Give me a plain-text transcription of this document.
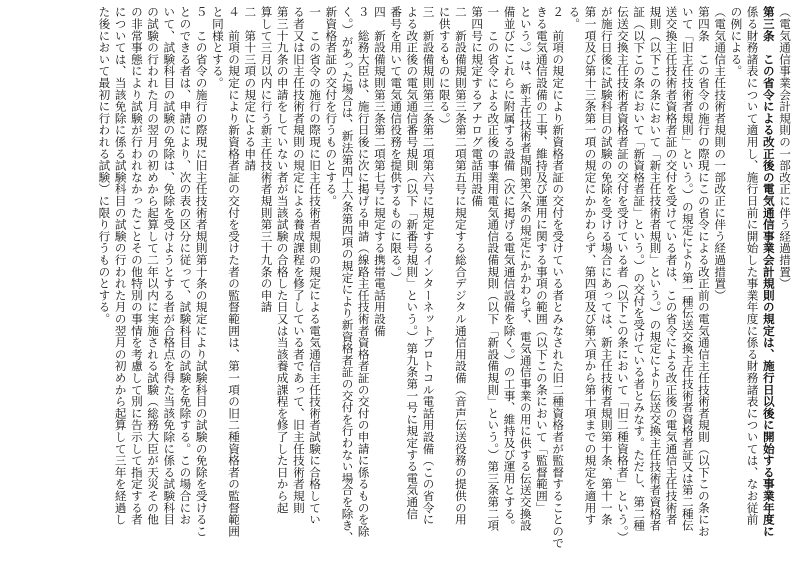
（電気通信事業会計規則の一部改正に伴う経過措置）
第三条　この省令による改正後の電気通信事業会計規則の規定は、施行日以後に開始する事業年度に
係る財務諸表について適用し、施行日前に開始した事業年度に係る財務諸表については、なお従前
の例による。
（電気通信主任技術者規則の一部改正に伴う経過措置）
第四条　この省令の施行の際現にこの省令による改正前の電気通信主任技術者規則（以下この条にお
いて「旧主任技術者規則」という。）の規定により第一種伝送交換主任技術者資格者証又は第二種伝
送交換主任技術者資格者証の交付を受けている者は、この省令による改正後の電気通信主任技術者
規則（以下この条において「新主任技術者規則」という。）の規定により伝送交換主任技術者資格者
証（以下この条において「新資格者証」という。）の交付を受けている者とみなす。ただし、第二種
伝送交換主任技術者資格者証の交付を受けている者（以下この条において「旧二種資格者」という。）
が施行日後に試験科目の試験の免除を受ける場合にあっては、新主任技術者規則第十条、第十一条
第一項及び第十三条第一項の規定にかかわらず、第四項及び第六項から第十項までの規定を適用す
る。
２　前項の規定により新資格者証の交付を受けている者とみなされた旧二種資格者が監督することので
きる電気通信設備の工事、維持及び運用に関する事項の範囲（以下この条において「監督範囲」
という。）は、新主任技術者規則第六条の規定にかかわらず、電気通信事業の用に供する伝送交換設
備並びにこれらに附属する設備（次に掲げる電気通信設備を除く。）の工事、維持及び運用とする。
一　この省令による改正後の事業用電気通信設備規則（以下「新設備規則」という。）第三条第二項
第四号に規定するアナログ電話用設備
二　新設備規則第三条第二項第五号に規定する総合デジタル通信用設備（音声伝送役務の提供の用
に供するものに限る。）
三　新設備規則第三条第二項第六号に規定するインターネットプロトコル電話用設備（この省令に
よる改正後の電気通信番号規則（以下「新番号規則」という。）第九条第一号に規定する電気通信
番号を用いて電気通信役務を提供するものに限る。）
四　新設備規則第三条第二項第七号に規定する携帯電話用設備
３　総務大臣は、施行日後に次に掲げる申請（線路主任技術者資格者証の交付の申請に係るものを除
く。）があった場合は、新法第四十六条第四項の規定により新資格者証の交付を行わない場合を除き、
新資格者証の交付を行うものとする。
一　この省令の施行の際現に旧主任技術者規則の規定による電気通信主任技術者試験に合格してい
る者又は旧主任技術者規則の規定による養成課程を修了している者であって、旧主任技術者規則
第三十九条の申請をしていない者が当該試験の合格した日又は当該養成課程を修了した日から起
算して三月以内に行う新主任技術者規則第三十九条の申請
二　第十三項の規定による申請
４　前項の規定により新資格者証の交付を受けた者の監督範囲は、第一項の旧二種資格者の監督範囲
と同様とする。
５　この省令の施行の際現に旧主任技術者規則第十条の規定により試験科目の試験の免除を受けるこ
とのできる者は、申請により、次の表の区分に従って、試験科目の試験を免除する。この場合にお
いて、試験科目の試験の免除は、免除を受けようとする者が合格点を得た当該免除に係る試験科目
の試験の行われた月の翌月の初めから起算して二年以内に実施される試験（総務大臣が天災その他
の非常事態により試験が行われなかったことその他特別の事情を考慮して別に告示して指定する者
については、当該免除に係る試験科目の試験の行われた月の翌月の初めから起算して三年を経過し
た後において最初に行われる試験）に限り行うものとする。
